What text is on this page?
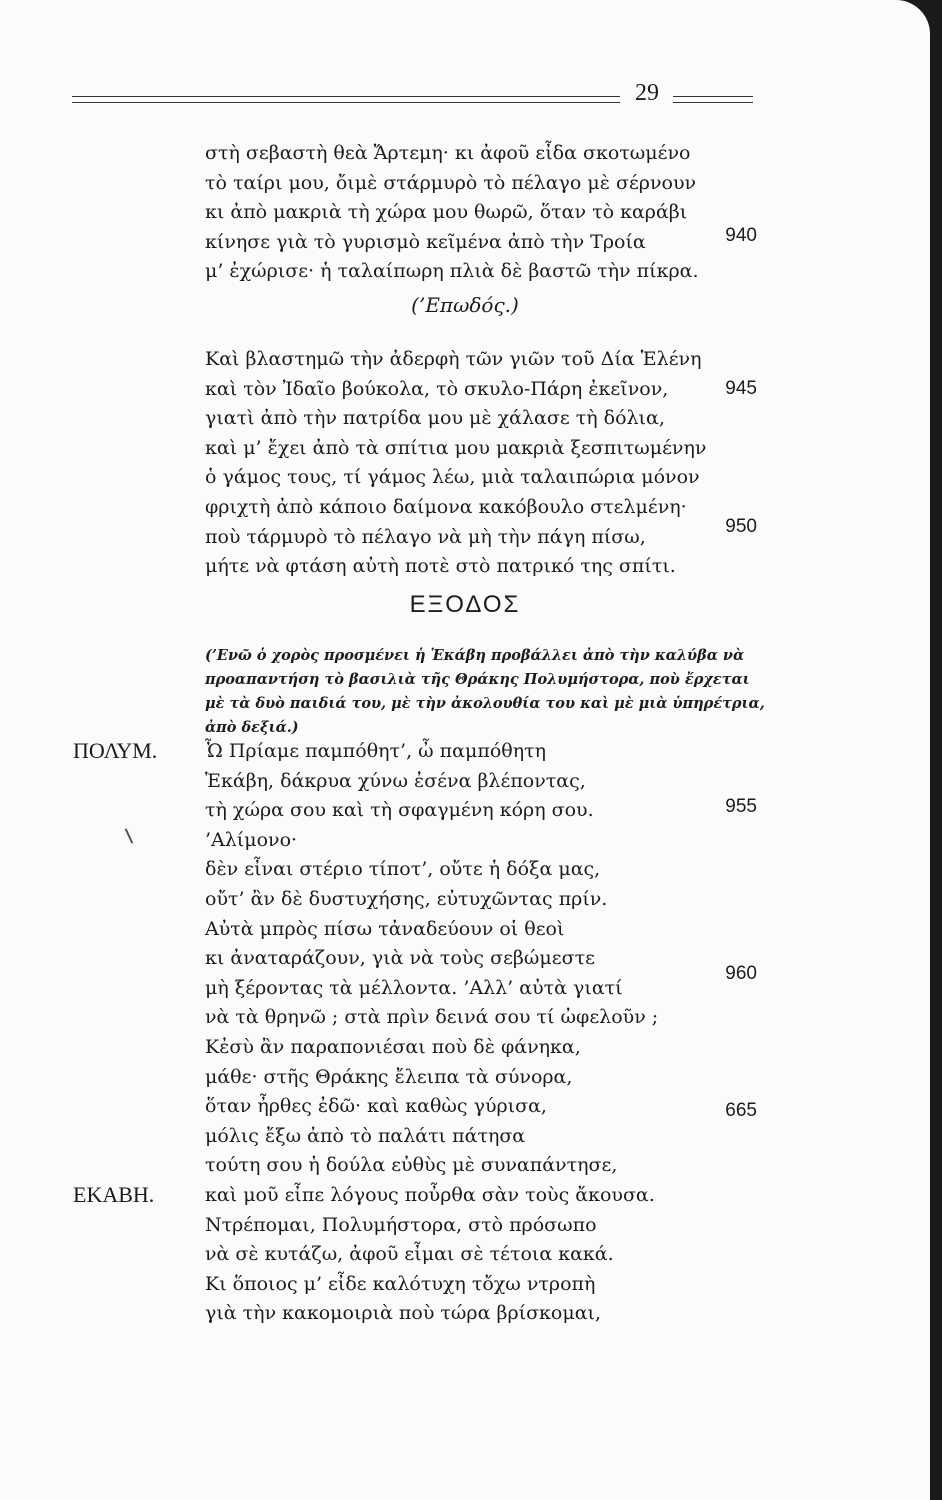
29
στὴ σεβαστὴ θεὰ Ἄρτεμη· κι ἀφοῦ εἶδα σκοτωμένο
τὸ ταίρι μου, ὄιμὲ στάρμυρὸ τὸ πέλαγο μὲ σέρνουν
κι ἀπὸ μακριὰ τὴ χώρα μου θωρῶ, ὅταν τὸ καράβι
κίνησε γιὰ τὸ γυρισμὸ κεῖμένα ἀπὸ τὴν Τροία
μ’ ἐχώρισε· ἡ ταλαίπωρη πλιὰ δὲ βαστῶ τὴν πίκρα.
940
(’Επωδός.)
Καὶ βλαστημῶ τὴν ἀδερφὴ τῶν γιῶν τοῦ Δία Ἑλένη
καὶ τὸν Ἰδαῖο βούκολα, τὸ σκυλο-Πάρη ἐκεῖνον,
γιατὶ ἀπὸ τὴν πατρίδα μου μὲ χάλασε τὴ δόλια,
καὶ μ’ ἔχει ἀπὸ τὰ σπίτια μου μακριὰ ξεσπιτωμένην
ὁ γάμος τους, τί γάμος λέω, μιὰ ταλαιπώρια μόνον
φριχτὴ ἀπὸ κάποιο δαίμονα κακόβουλο στελμένη·
ποὺ τάρμυρὸ τὸ πέλαγο νὰ μὴ τὴν πάγη πίσω,
μήτε νὰ φτάση αὐτὴ ποτὲ στὸ πατρικό της σπίτι.
945
950
ΕΞΟΔΟΣ
(’Ενῶ ὁ χορὸς προσμένει ἡ Ἑκάβη προβάλλει ἀπὸ τὴν καλύβα νὰ προαπαντήση τὸ βασιλιὰ τῆς Θράκης Πολυμήστορα, ποὺ ἔρχεται μὲ τὰ δυὸ παιδιά του, μὲ τὴν ἀκολουθία του καὶ μὲ μιὰ ὑπηρέτρια, ἀπὸ δεξιά.)
ΠΟΛΥΜ.
ΕΚΑΒΗ.
Ὦ Πρίαμε παμπόθητ’, ὦ παμπόθητη
Ἑκάβη, δάκρυα χύνω ἐσένα βλέποντας,
τὴ χώρα σου καὶ τὴ σφαγμένη κόρη σου.
’Αλίμονο·
δὲν εἶναι στέριο τίποτ’, οὔτε ἡ δόξα μας,
οὔτ’ ἂν δὲ δυστυχήσης, εὐτυχῶντας πρίν.
Αὐτὰ μπρὸς πίσω τἀναδεύουν οἱ θεοὶ
κι ἀναταράζουν, γιὰ νὰ τοὺς σεβώμεστε
μὴ ξέροντας τὰ μέλλοντα. ’Αλλ’ αὐτὰ γιατί
νὰ τὰ θρηνῶ ; στὰ πρὶν δεινά σου τί ὠφελοῦν ;
Κἐσὺ ἂν παραπονιέσαι ποὺ δὲ φάνηκα,
μάθε· στῆς Θράκης ἔλειπα τὰ σύνορα,
ὅταν ἦρθες ἐδῶ· καὶ καθὼς γύρισα,
μόλις ἔξω ἀπὸ τὸ παλάτι πάτησα
τούτη σου ἡ δούλα εὐθὺς μὲ συναπάντησε,
καὶ μοῦ εἶπε λόγους ποὖρθα σὰν τοὺς ἄκουσα.
Ντρέπομαι, Πολυμήστορα, στὸ πρόσωπο
νὰ σὲ κυτάζω, ἀφοῦ εἶμαι σὲ τέτοια κακά.
Κι ὅποιος μ’ εἶδε καλότυχη τὄχω ντροπὴ
γιὰ τὴν κακομοιριὰ ποὺ τώρα βρίσκομαι,
955
960
665
